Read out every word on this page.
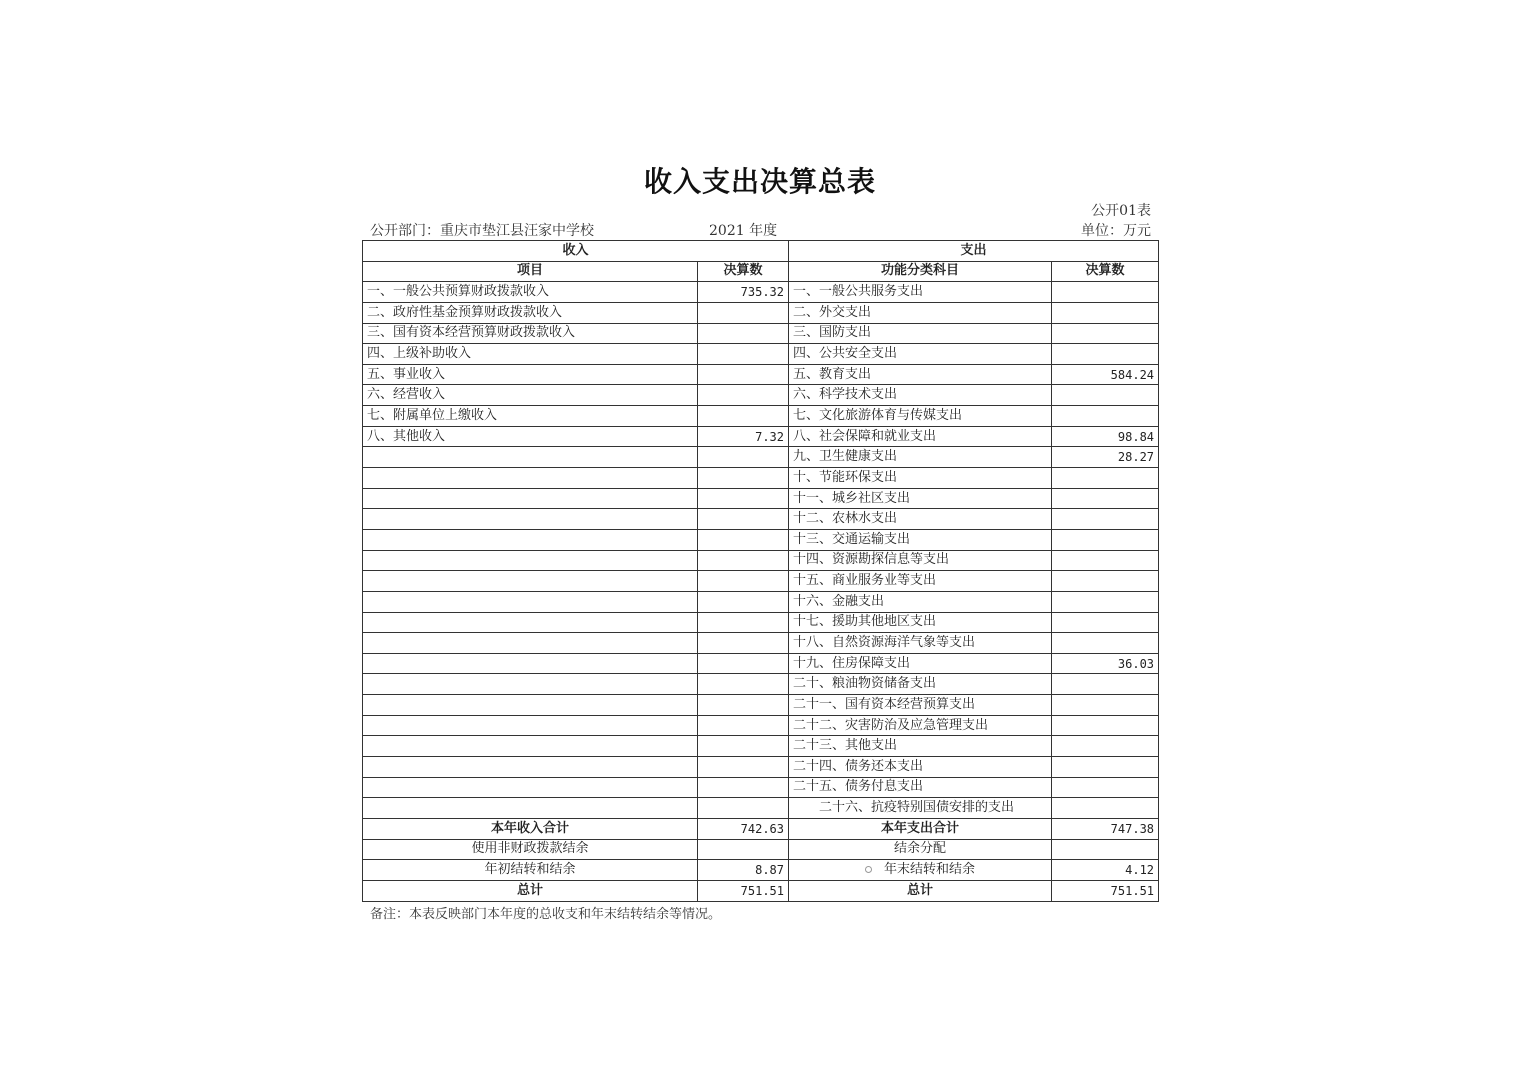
收入支出决算总表
公开01表
公开部门：重庆市垫江县汪家中学校	2021 年度	单位：万元
收入		支出	
项目	决算数	功能分类科目	决算数
一、一般公共预算财政拨款收入	735.32	一、一般公共服务支出	
二、政府性基金预算财政拨款收入		二、外交支出	
三、国有资本经营预算财政拨款收入		三、国防支出	
四、上级补助收入		四、公共安全支出	
五、事业收入		五、教育支出	584.24
六、经营收入		六、科学技术支出	
七、附属单位上缴收入		七、文化旅游体育与传媒支出	
八、其他收入	7.32	八、社会保障和就业支出	98.84
		九、卫生健康支出	28.27
		十、节能环保支出	
		十一、城乡社区支出	
		十二、农林水支出	
		十三、交通运输支出	
		十四、资源勘探信息等支出	
		十五、商业服务业等支出	
		十六、金融支出	
		十七、援助其他地区支出	
		十八、自然资源海洋气象等支出	
		十九、住房保障支出	36.03
		二十、粮油物资储备支出	
		二十一、国有资本经营预算支出	
		二十二、灾害防治及应急管理支出	
		二十三、其他支出	
		二十四、债务还本支出	
		二十五、债务付息支出	
		二十六、抗疫特别国债安排的支出	
本年收入合计	742.63	本年支出合计	747.38
使用非财政拨款结余		结余分配	
年初结转和结余	8.87	年末结转和结余	4.12
总计	751.51	总计	751.51
备注：本表反映部门本年度的总收支和年末结转结余等情况。
